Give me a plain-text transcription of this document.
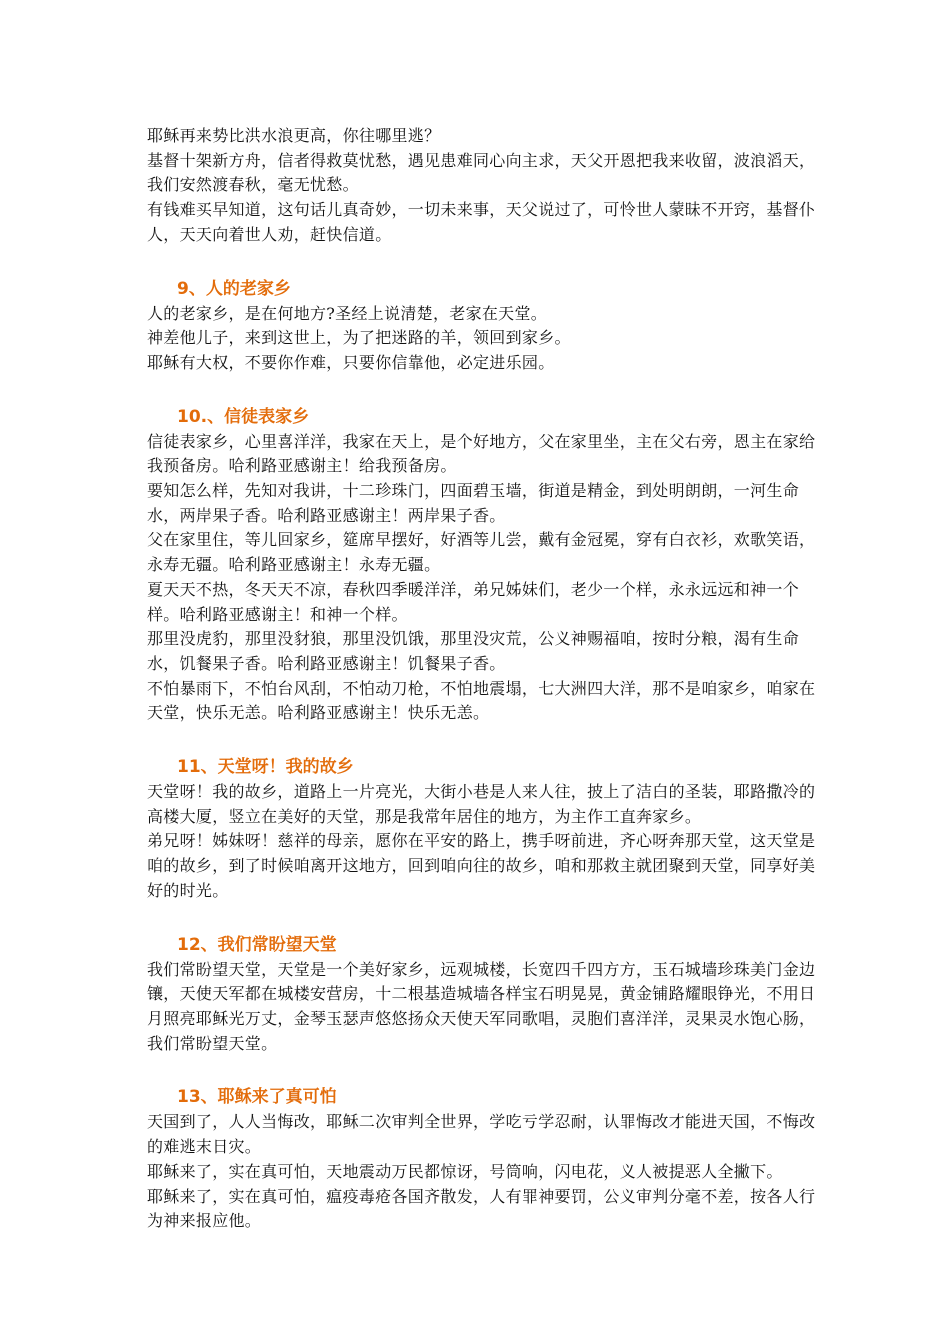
耶稣再来势比洪水浪更高，你往哪里逃？

基督十架新方舟，信者得救莫忧愁，遇见患难同心向主求，天父开恩把我来收留，波浪滔天，我们安然渡春秋，毫无忧愁。

有钱难买早知道，这句话儿真奇妙，一切未来事，天父说过了，可怜世人蒙昧不开窍，基督仆人，天天向着世人劝，赶快信道。

9、人的老家乡

人的老家乡，是在何地方?圣经上说清楚，老家在天堂。

神差他儿子，来到这世上，为了把迷路的羊，领回到家乡。

耶稣有大权，不要你作难，只要你信靠他，必定进乐园。

10.、信徒表家乡

信徒表家乡，心里喜洋洋，我家在天上，是个好地方，父在家里坐，主在父右旁，恩主在家给我预备房。哈利路亚感谢主！给我预备房。

要知怎么样，先知对我讲，十二珍珠门，四面碧玉墙，街道是精金，到处明朗朗，一河生命水，两岸果子香。哈利路亚感谢主！两岸果子香。

父在家里住，等儿回家乡，筵席早摆好，好酒等儿尝，戴有金冠冕，穿有白衣衫，欢歌笑语，永寿无疆。哈利路亚感谢主！永寿无疆。

夏天天不热，冬天天不凉，春秋四季暖洋洋，弟兄姊妹们，老少一个样，永永远远和神一个样。哈利路亚感谢主！和神一个样。

那里没虎豹，那里没豺狼，那里没饥饿，那里没灾荒，公义神赐福咱，按时分粮，渴有生命水，饥餐果子香。哈利路亚感谢主！饥餐果子香。

不怕暴雨下，不怕台风刮，不怕动刀枪，不怕地震塌，七大洲四大洋，那不是咱家乡，咱家在天堂，快乐无恙。哈利路亚感谢主！快乐无恙。

11、天堂呀！我的故乡

天堂呀！我的故乡，道路上一片亮光，大街小巷是人来人往，披上了洁白的圣装，耶路撒冷的高楼大厦，竖立在美好的天堂，那是我常年居住的地方，为主作工直奔家乡。

弟兄呀！姊妹呀！慈祥的母亲，愿你在平安的路上，携手呀前进，齐心呀奔那天堂，这天堂是咱的故乡，到了时候咱离开这地方，回到咱向往的故乡，咱和那救主就团聚到天堂，同享好美好的时光。

12、我们常盼望天堂

我们常盼望天堂，天堂是一个美好家乡，远观城楼，长宽四千四方方，玉石城墙珍珠美门金边镶，天使天军都在城楼安营房，十二根基造城墙各样宝石明晃晃，黄金铺路耀眼铮光，不用日月照亮耶稣光万丈，金琴玉瑟声悠悠扬众天使天军同歌唱，灵胞们喜洋洋，灵果灵水饱心肠，我们常盼望天堂。

13、耶稣来了真可怕

天国到了，人人当悔改，耶稣二次审判全世界，学吃亏学忍耐，认罪悔改才能进天国，不悔改的难逃末日灾。

耶稣来了，实在真可怕，天地震动万民都惊讶，号筒响，闪电花，义人被提恶人全撇下。

耶稣来了，实在真可怕，瘟疫毒疮各国齐散发，人有罪神要罚，公义审判分毫不差，按各人行为神来报应他。
